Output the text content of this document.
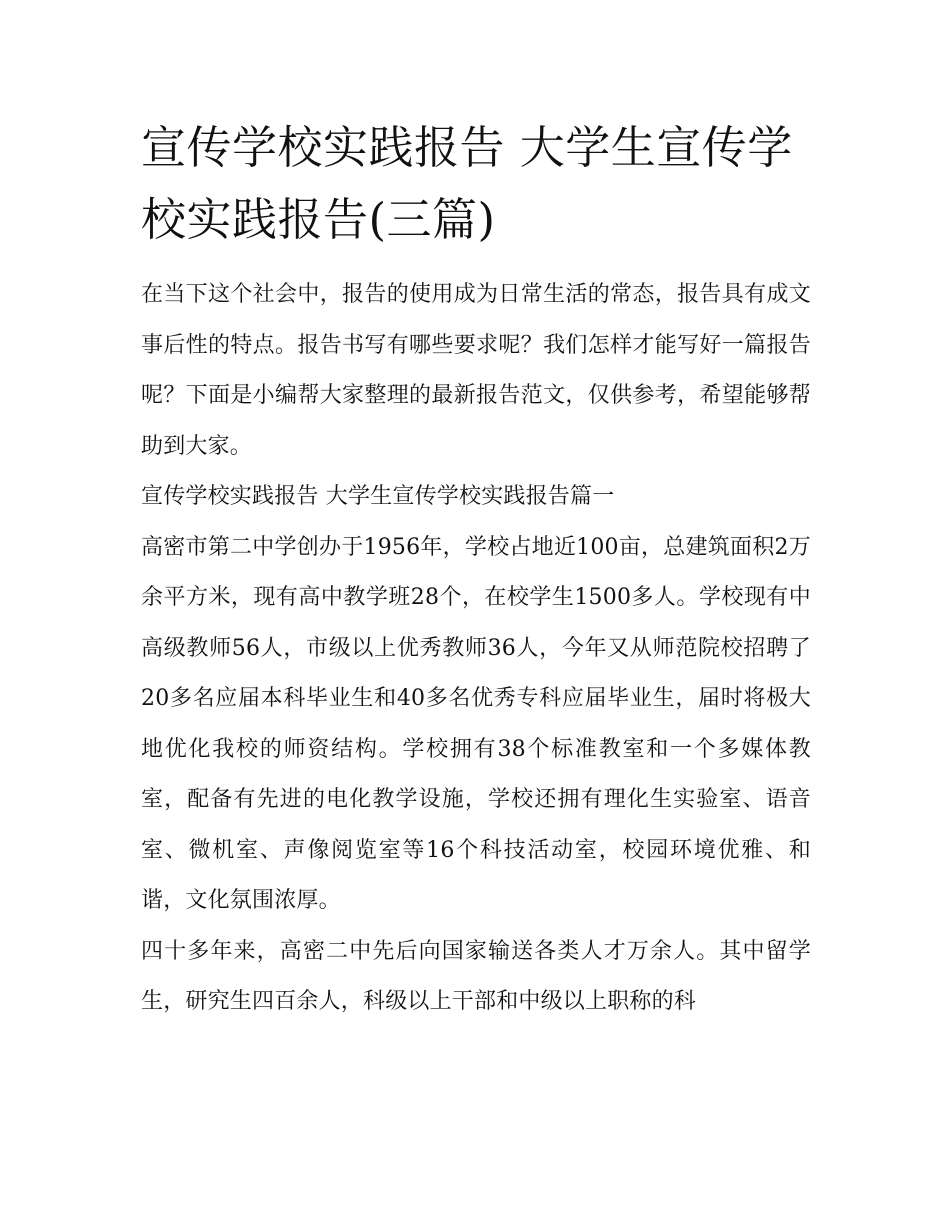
宣传学校实践报告 大学生宣传学校实践报告(三篇)

在当下这个社会中，报告的使用成为日常生活的常态，报告具有成文事后性的特点。报告书写有哪些要求呢？我们怎样才能写好一篇报告呢？下面是小编帮大家整理的最新报告范文，仅供参考，希望能够帮助到大家。

宣传学校实践报告 大学生宣传学校实践报告篇一

高密市第二中学创办于1956年，学校占地近100亩，总建筑面积2万余平方米，现有高中教学班28个，在校学生1500多人。学校现有中高级教师56人，市级以上优秀教师36人，今年又从师范院校招聘了20多名应届本科毕业生和40多名优秀专科应届毕业生，届时将极大地优化我校的师资结构。学校拥有38个标准教室和一个多媒体教室，配备有先进的电化教学设施，学校还拥有理化生实验室、语音室、微机室、声像阅览室等16个科技活动室，校园环境优雅、和谐，文化氛围浓厚。

四十多年来，高密二中先后向国家输送各类人才万余人。其中留学生，研究生四百余人，科级以上干部和中级以上职称的科
